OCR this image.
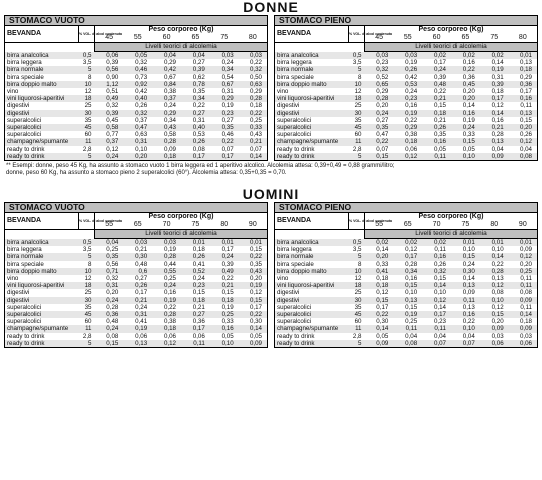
DONNE
STOMACO VUOTO							
BEVANDA	% VOL. di alcol contenuta	Peso corporeo (Kg)					
		45	55	60	65	75	80
		Livelli teorici di alcolemia					
birra analcolica	0,5	0,06	0,05	0,04	0,04	0,03	0,03
birra leggera	3,5	0,39	0,32	0,29	0,27	0,24	0,22
birra normale	5	0,56	0,46	0,42	0,39	0,34	0,32
birra speciale	8	0,90	0,73	0,67	0,62	0,54	0,50
birra doppio malto	10	1,12	0,92	0,84	0,78	0,67	0,63
vino	12	0,51	0,42	0,38	0,35	0,31	0,29
vini liquorosi-aperitivi	18	0,49	0,40	0,37	0,34	0,29	0,28
digestivi	25	0,32	0,26	0,24	0,22	0,19	0,18
digestivi	30	0,39	0,32	0,29	0,27	0,23	0,22
superalcolici	35	0,45	0,37	0,34	0,31	0,27	0,25
superalcolici	45	0,58	0,47	0,43	0,40	0,35	0,33
superalcolici	60	0,77	0,63	0,58	0,53	0,46	0,43
champagne/spumante	11	0,37	0,31	0,28	0,26	0,22	0,21
ready to drink	2,8	0,12	0,10	0,09	0,08	0,07	0,07
ready to drink	5	0,24	0,20	0,18	0,17	0,17	0,14
STOMACO PIENO							
BEVANDA	% VOL. di alcol contenuta	Peso corporeo (Kg)					
		45	55	60	65	75	80
		Livelli teorici di alcolemia					
birra analcolica	0,5	0,03	0,03	0,02	0,02	0,02	0,01
birra leggera	3,5	0,23	0,19	0,17	0,16	0,14	0,13
birra normale	5	0,32	0,26	0,24	0,22	0,19	0,18
birra speciale	8	0,52	0,42	0,39	0,36	0,31	0,29
birra doppio malto	10	0,65	0,53	0,48	0,45	0,39	0,36
vino	12	0,29	0,24	0,22	0,20	0,18	0,17
vini liquorosi-aperitivi	18	0,28	0,23	0,21	0,20	0,17	0,16
digestivi	25	0,20	0,16	0,15	0,14	0,12	0,11
digestivi	30	0,24	0,19	0,18	0,16	0,14	0,13
superalcolici	35	0,27	0,22	0,21	0,19	0,16	0,15
superalcolici	45	0,35	0,29	0,26	0,24	0,21	0,20
superalcolici	60	0,47	0,38	0,35	0,33	0,28	0,26
champagne/spumante	11	0,22	0,18	0,16	0,15	0,13	0,12
ready to drink	2,8	0,07	0,06	0,05	0,05	0,04	0,04
ready to drink	5	0,15	0,12	0,11	0,10	0,09	0,08
** Esempi: donne, peso 45 Kg, ha assunto a stomaco vuoto 1 birra leggera ed 1 aperitivo alcolico. Alcolemia attesa: 0,39+0,49 = 0,88 grammi/litro;
donne, peso 60 Kg, ha assunto a stomaco pieno 2 superalcolici (60°). Alcolemia attesa: 0,35+0,35 = 0,70.
UOMINI
STOMACO VUOTO							
BEVANDA	% VOL. di alcol contenuta	Peso corporeo (Kg)					
		55	65	70	75	80	90
		Livelli teorici di alcolemia					
birra analcolica	0,5	0,04	0,03	0,03	0,01	0,01	0,01
birra leggera	3,5	0,25	0,21	0,19	0,18	0,17	0,15
birra normale	5	0,35	0,30	0,28	0,26	0,24	0,22
birra speciale	8	0,56	0,48	0,44	0,41	0,39	0,35
birra doppio malto	10	0,71	0,6	0,55	0,52	0,49	0,43
vino	12	0,32	0,27	0,25	0,24	0,22	0,20
vini liquorosi-aperitivi	18	0,31	0,26	0,24	0,23	0,21	0,19
digestivi	25	0,20	0,17	0,16	0,15	0,15	0,12
digestivi	30	0,24	0,21	0,19	0,18	0,18	0,15
superalcolici	35	0,28	0,24	0,22	0,21	0,19	0,17
superalcolici	45	0,36	0,31	0,28	0,27	0,25	0,22
superalcolici	60	0,48	0,41	0,38	0,36	0,33	0,30
champagne/spumante	11	0,24	0,19	0,18	0,17	0,16	0,14
ready to drink	2,8	0,08	0,06	0,06	0,06	0,05	0,05
ready to drink	5	0,15	0,13	0,12	0,11	0,10	0,09
STOMACO PIENO							
BEVANDA	% VOL. di alcol contenuta	Peso corporeo (Kg)					
		55	65	70	75	80	90
		Livelli teorici di alcolemia					
birra analcolica	0,5	0,02	0,02	0,02	0,01	0,01	0,01
birra leggera	3,5	0,14	0,12	0,11	0,10	0,10	0,09
birra normale	5	0,20	0,17	0,16	0,15	0,14	0,12
birra speciale	8	0,33	0,28	0,26	0,24	0,22	0,20
birra doppio malto	10	0,41	0,34	0,32	0,30	0,28	0,25
vino	12	0,18	0,16	0,15	0,14	0,13	0,11
vini liquorosi-aperitivi	18	0,18	0,15	0,14	0,13	0,12	0,11
digestivi	25	0,12	0,10	0,10	0,09	0,08	0,08
digestivi	30	0,15	0,13	0,12	0,11	0,10	0,09
superalcolici	35	0,17	0,15	0,14	0,13	0,12	0,11
superalcolici	45	0,22	0,19	0,17	0,16	0,15	0,14
superalcolici	60	0,30	0,25	0,23	0,22	0,20	0,18
champagne/spumante	11	0,14	0,11	0,11	0,10	0,09	0,09
ready to drink	2,8	0,05	0,04	0,04	0,04	0,03	0,03
ready to drink	5	0,09	0,08	0,07	0,07	0,06	0,06
